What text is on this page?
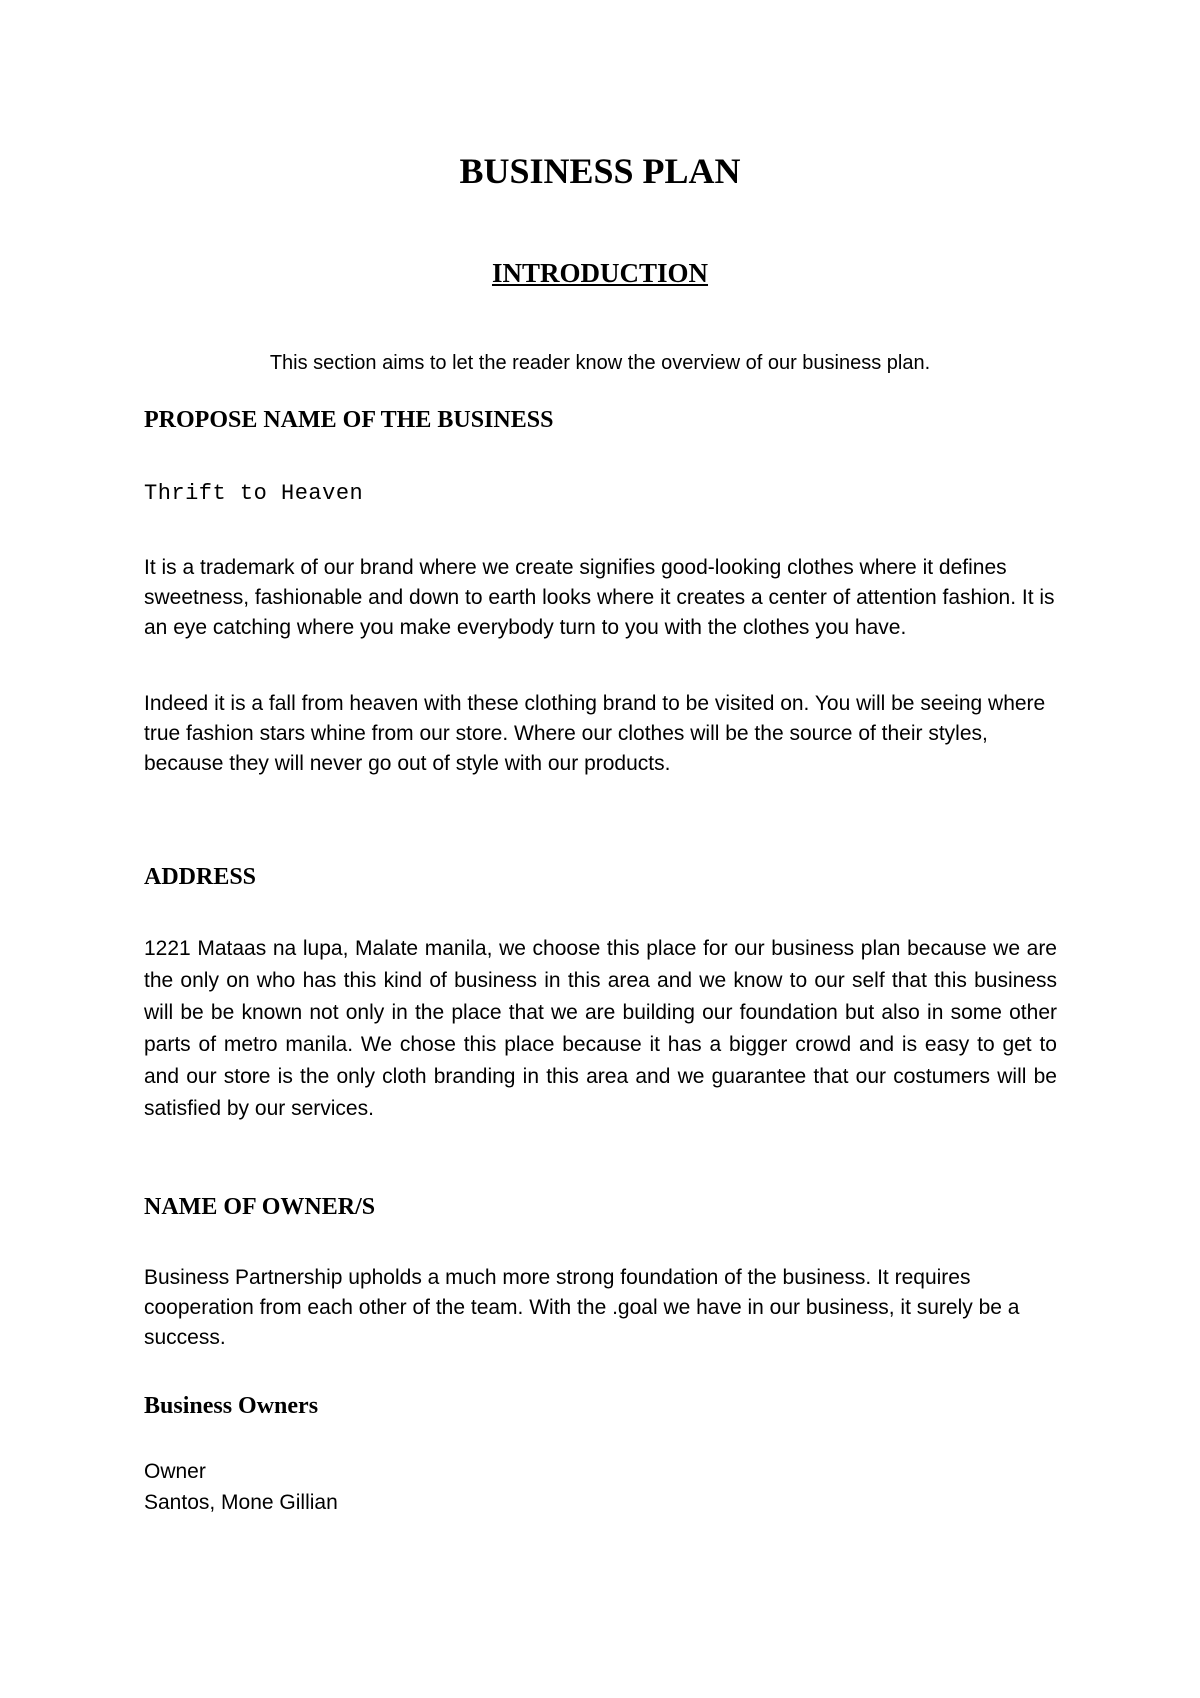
BUSINESS PLAN
INTRODUCTION

This section aims to let the reader know the overview of our business plan.

PROPOSE NAME OF THE BUSINESS

Thrift to Heaven

It is a trademark of our brand where we create signifies good-looking clothes where it defines sweetness, fashionable and down to earth looks where it creates a center of attention fashion. It is an eye catching where you make everybody turn to you with the clothes you have.

Indeed it is a fall from heaven with these clothing brand to be visited on. You will be seeing where true fashion stars whine from our store. Where our clothes will be the source of their styles, because they will never go out of style with our products.

ADDRESS

1221 Mataas na lupa, Malate manila, we choose this place for our business plan because we are the only on who has this kind of business in this area and we know to our self that this business will be be known not only in the place that we are building our foundation but also in some other parts of metro manila. We chose this place because it has a bigger crowd and is easy to get to and our store is the only cloth branding in this area and we guarantee that our costumers will be satisfied by our services.

NAME OF OWNER/S

Business Partnership upholds a much more strong foundation of the business. It requires cooperation from each other of the team. With the .goal we have in our business, it surely be a success.

Business Owners

Owner

Santos, Mone Gillian
